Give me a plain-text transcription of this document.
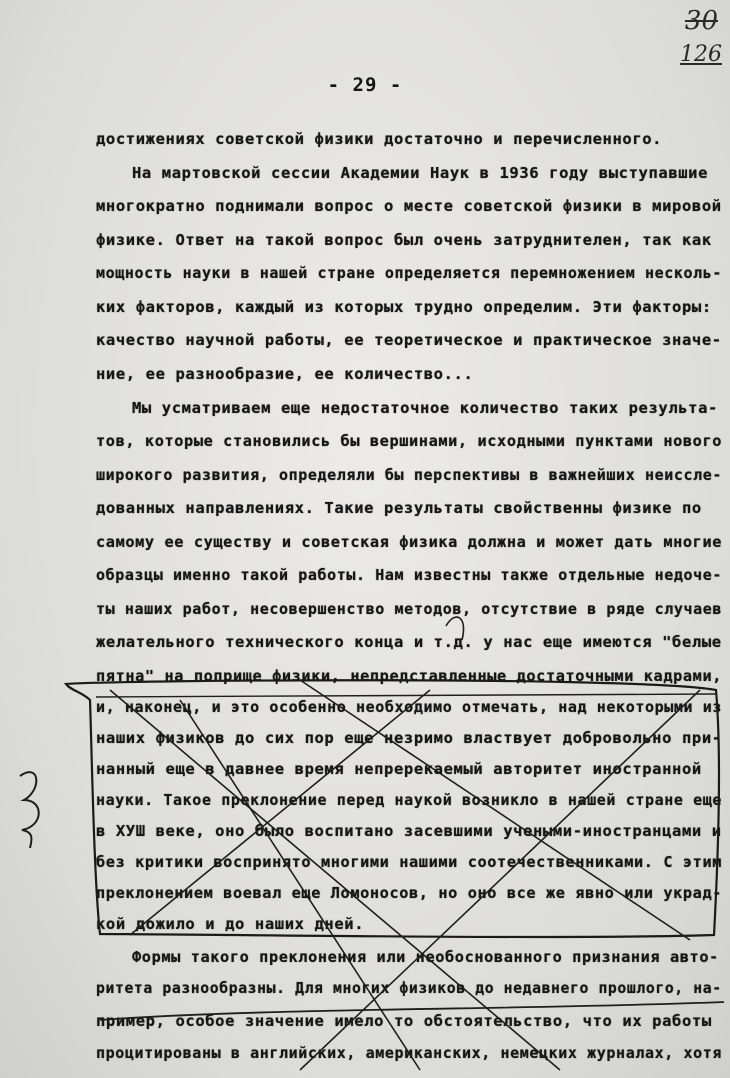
30
126
- 29 -
достижениях советской физики достаточно и перечисленного.
На мартовской сессии Академии Наук в 1936 году выступавшие
многократно поднимали вопрос о месте советской физики в мировой
физике. Ответ на такой вопрос был очень затруднителен, так как
мощность науки в нашей стране определяется перемножением несколь-
ких факторов, каждый из которых трудно определим. Эти факторы:
качество научной работы, ее теоретическое и практическое значе-
ние, ее разнообразие, ее количество...
Мы усматриваем еще недостаточное количество таких результа-
тов, которые становились бы вершинами, исходными пунктами нового
широкого развития, определяли бы перспективы в важнейших неиссле-
дованных направлениях. Такие результаты свойственны физике по
самому ее существу и советская физика должна и может дать многие
образцы именно такой работы. Нам известны также отдельные недоче-
ты наших работ, несовершенство методов, отсутствие в ряде случаев
желательного технического конца и т.д. у нас еще имеются "белые
пятна" на поприще физики, непредставленные достаточными кадрами,
и, наконец, и это особенно необходимо отмечать, над некоторыми из
наших физиков до сих пор еще незримо властвует добровольно при-
нанный еще в давнее время непререкаемый авторитет иностранной
науки. Такое преклонение перед наукой возникло в нашей стране еще
в ХУШ веке, оно было воспитано засевшими учеными-иностранцами и
без критики воспринято многими нашими соотечественниками. С этим
преклонением воевал еще Ломоносов, но оно все же явно или укрaд-
кой дожило и до наших дней.
Формы такого преклонения или необоснованного признания авто-
ритета разнообразны. Для многих физиков до недавнего прошлого, на-
пример, особое значение имело то обстоятельство, что их работы
процитированы в английских, американских, немецких журналах, хотя
